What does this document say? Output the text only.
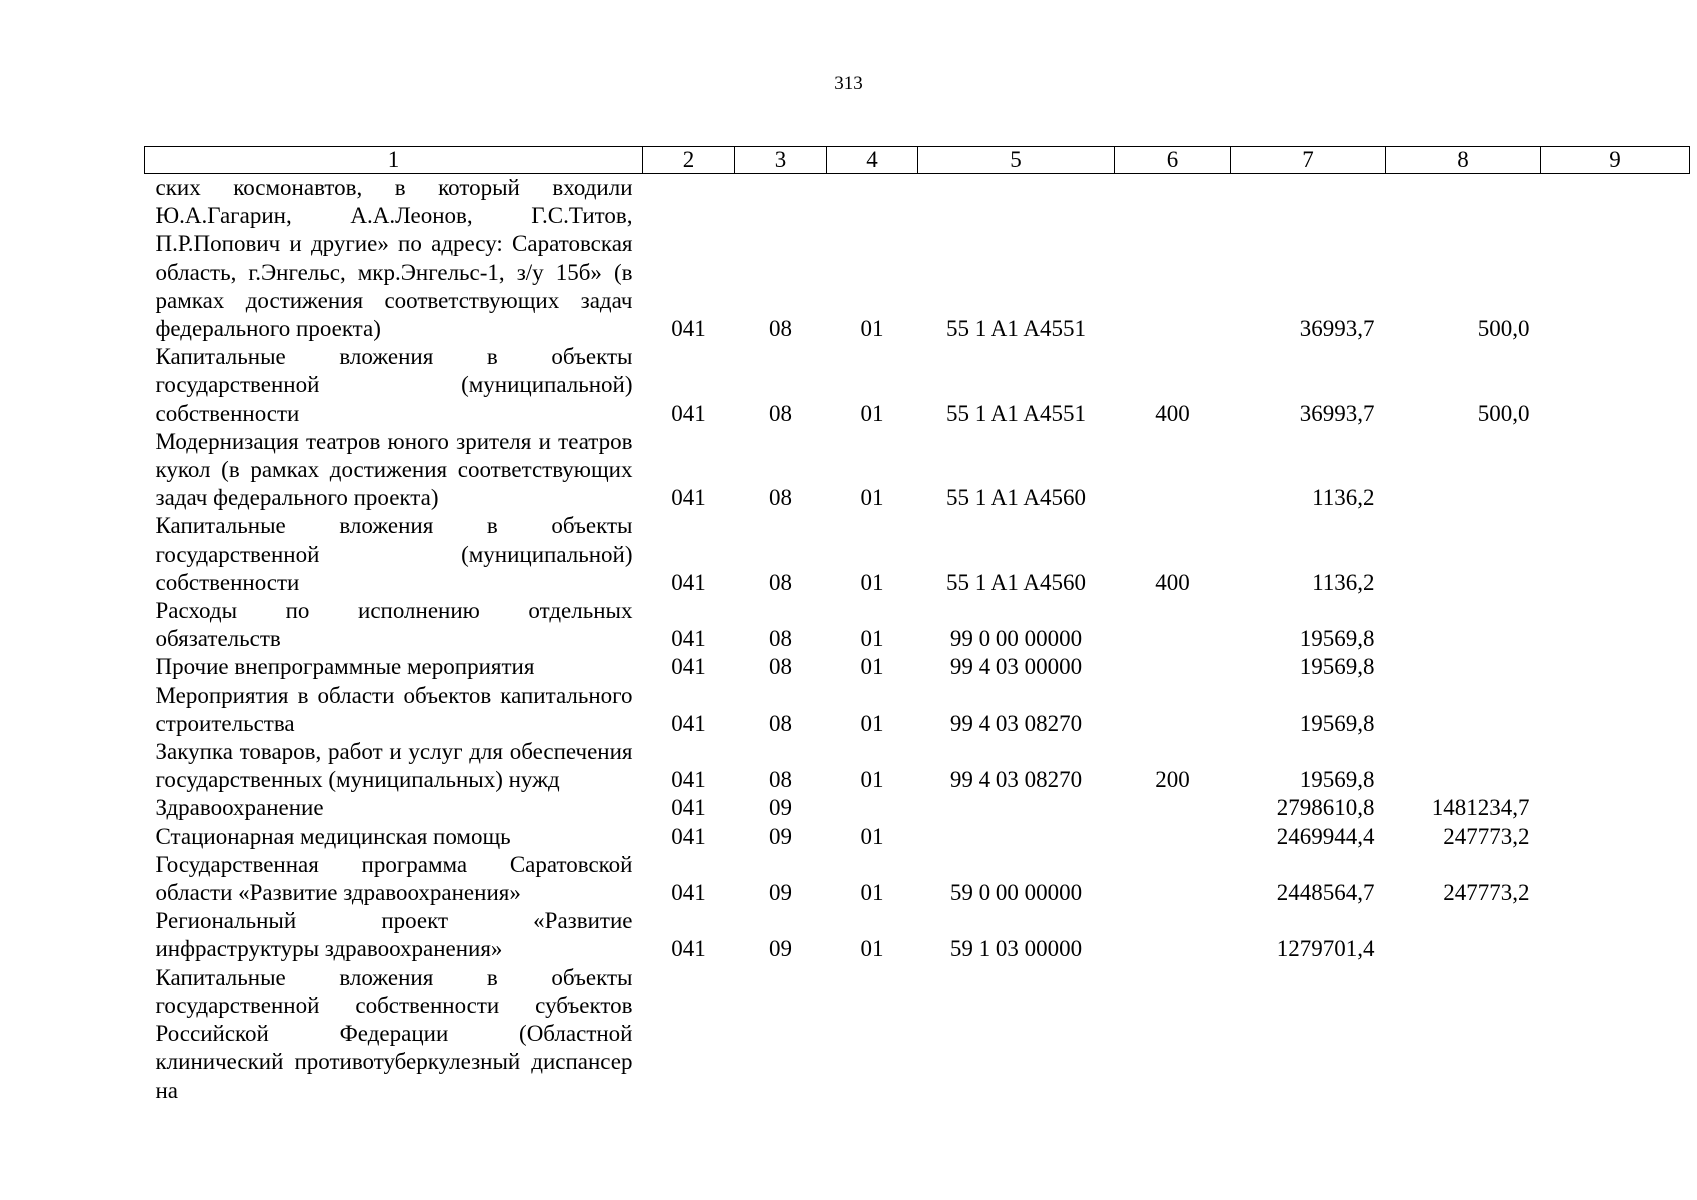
313
1	2	3	4	5	6	7	8	9
ских космонавтов, в который входили Ю.А.Гагарин, А.А.Леонов, Г.С.Титов, П.Р.Попович и другие» по адресу: Саратовская область, г.Энгельс, мкр.Энгельс-1, з/у 15б» (в рамках достижения соответствующих задач федерального проекта)	041	08	01	55 1 A1 A4551		36993,7	500,0	
Капитальные вложения в объекты государственной (муниципальной) собственности	041	08	01	55 1 A1 A4551	400	36993,7	500,0	
Модернизация театров юного зрителя и театров кукол (в рамках достижения соответствующих задач федерального проекта)	041	08	01	55 1 A1 A4560		1136,2		
Капитальные вложения в объекты государственной (муниципальной) собственности	041	08	01	55 1 A1 A4560	400	1136,2		
Расходы по исполнению отдельных обязательств	041	08	01	99 0 00 00000		19569,8		
Прочие внепрограммные мероприятия	041	08	01	99 4 03 00000		19569,8		
Мероприятия в области объектов капитального строительства	041	08	01	99 4 03 08270		19569,8		
Закупка товаров, работ и услуг для обеспечения государственных (муниципальных) нужд	041	08	01	99 4 03 08270	200	19569,8		
Здравоохранение	041	09				2798610,8	1481234,7	
Стационарная медицинская помощь	041	09	01			2469944,4	247773,2	
Государственная программа Саратовской области «Развитие здравоохранения»	041	09	01	59 0 00 00000		2448564,7	247773,2	
Региональный проект «Развитие инфраструктуры здравоохранения»	041	09	01	59 1 03 00000		1279701,4		
Капитальные вложения в объекты государственной собственности субъектов Российской Федерации (Областной клинический противотуберкулезный диспансер на								
